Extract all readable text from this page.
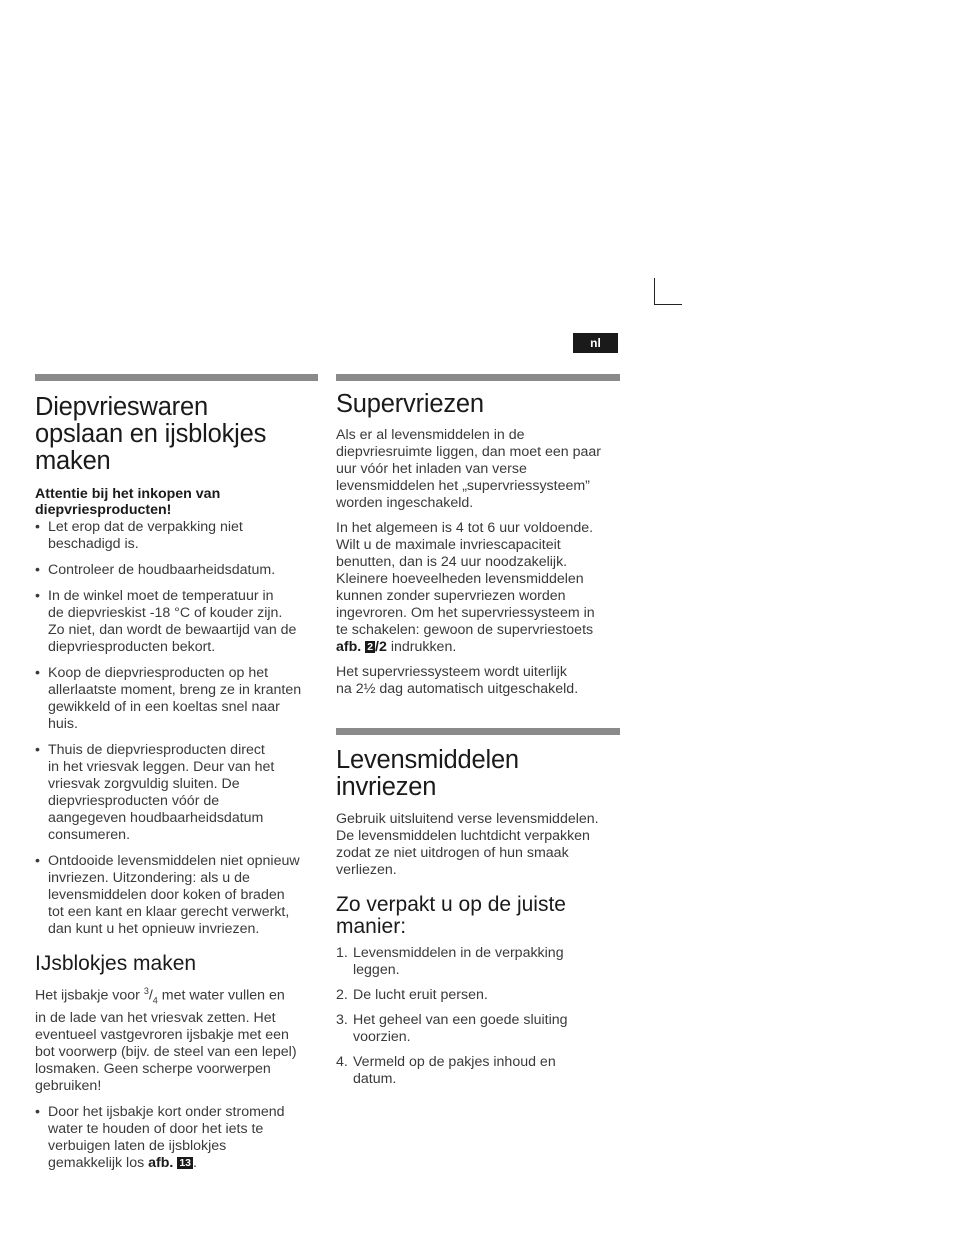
nl
Diepvrieswaren
opslaan en ijsblokjes
maken

Attentie bij het inkopen van
diepvriesproducten!

• Let erop dat de verpakking niet
beschadigd is.
• Controleer de houdbaarheidsdatum.
• In de winkel moet de temperatuur in
de diepvrieskist -18 °C of kouder zijn.
Zo niet, dan wordt de bewaartijd van de
diepvriesproducten bekort.
• Koop de diepvriesproducten op het
allerlaatste moment, breng ze in kranten
gewikkeld of in een koeltas snel naar
huis.
• Thuis de diepvriesproducten direct
in het vriesvak leggen. Deur van het
vriesvak zorgvuldig sluiten. De
diepvriesproducten vóór de
aangegeven houdbaarheidsdatum
consumeren.
• Ontdooide levensmiddelen niet opnieuw
invriezen. Uitzondering: als u de
levensmiddelen door koken of braden
tot een kant en klaar gerecht verwerkt,
dan kunt u het opnieuw invriezen.
IJsblokjes maken

Het ijsbakje voor $^3/_4$ met water vullen en
in de lade van het vriesvak zetten. Het
eventueel vastgevroren ijsbakje met een
bot voorwerp (bijv. de steel van een lepel)
losmaken. Geen scherpe voorwerpen
gebruiken!

• Door het ijsbakje kort onder stromend
water te houden of door het iets te
verbuigen laten de ijsblokjes
gemakkelijk los afb. 13 .
Supervriezen

Als er al levensmiddelen in de
diepvriesruimte liggen, dan moet een paar
uur vóór het inladen van verse
levensmiddelen het „supervriessysteem”
worden ingeschakeld.

In het algemeen is 4 tot 6 uur voldoende.
Wilt u de maximale invriescapaciteit
benutten, dan is 24 uur noodzakelijk.
Kleinere hoeveelheden levensmiddelen
kunnen zonder supervriezen worden
ingevroren. Om het supervriessysteem in
te schakelen: gewoon de supervriestoets
afb. 2 /2 indrukken.

Het supervriessysteem wordt uiterlijk
na 2½ dag automatisch uitgeschakeld.

Levensmiddelen
invriezen

Gebruik uitsluitend verse levensmiddelen.
De levensmiddelen luchtdicht verpakken
zodat ze niet uitdrogen of hun smaak
verliezen.

Zo verpakt u op de juiste
manier:
1. Levensmiddelen in de verpakking
leggen.
2. De lucht eruit persen.
3. Het geheel van een goede sluiting
voorzien.
4. Vermeld op de pakjes inhoud en
datum.
